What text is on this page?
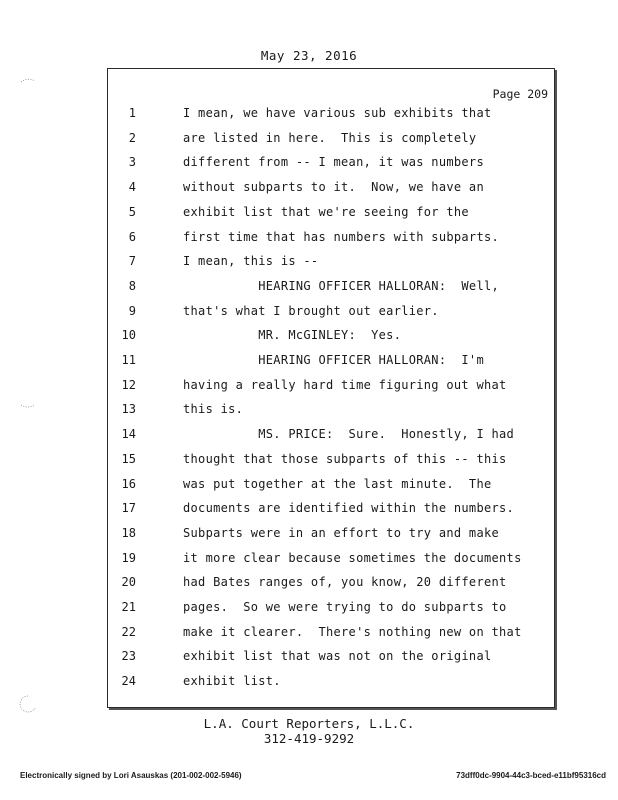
May 23, 2016
Page 209
1	I mean, we have various sub exhibits that
2	are listed in here.  This is completely
3	different from -- I mean, it was numbers
4	without subparts to it.  Now, we have an
5	exhibit list that we're seeing for the
6	first time that has numbers with subparts.
7	I mean, this is --
8	HEARING OFFICER HALLORAN:  Well,
9	that's what I brought out earlier.
10	MR. McGINLEY:  Yes.
11	HEARING OFFICER HALLORAN:  I'm
12	having a really hard time figuring out what
13	this is.
14	MS. PRICE:  Sure.  Honestly, I had
15	thought that those subparts of this -- this
16	was put together at the last minute.  The
17	documents are identified within the numbers.
18	Subparts were in an effort to try and make
19	it more clear because sometimes the documents
20	had Bates ranges of, you know, 20 different
21	pages.  So we were trying to do subparts to
22	make it clearer.  There's nothing new on that
23	exhibit list that was not on the original
24	exhibit list.
L.A. Court Reporters, L.L.C.
312-419-9292
Electronically signed by Lori Asauskas (201-002-002-5946)	73dff0dc-9904-44c3-bced-e11bf95316cd
